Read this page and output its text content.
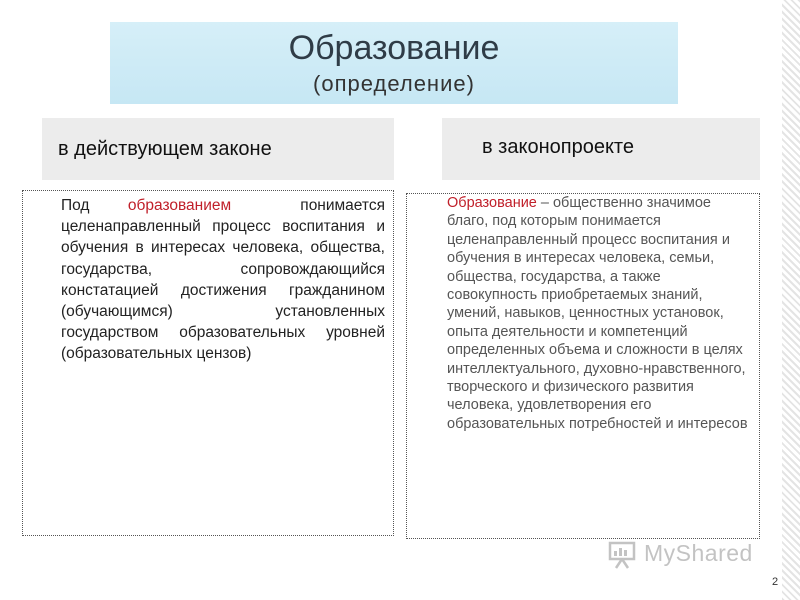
Образование
(определение)
в действующем законе	в законопроекте
Под образованием	понимается целенаправленный процесс воспитания и обучения в интересах человека, общества, государства, сопровождающийся констатацией достижения гражданином (обучающимся) установленных государством образовательных уровней (образовательных цензов)
Образование – общественно значимое благо, под которым понимается целенаправленный процесс воспитания и обучения в интересах человека, семьи, общества, государства, а также совокупность приобретаемых знаний, умений, навыков, ценностных установок, опыта деятельности и компетенций определенных объема и сложности в целях интеллектуального, духовно-нравственного, творческого и физического развития человека, удовлетворения его образовательных потребностей и интересов
MyShared
2
